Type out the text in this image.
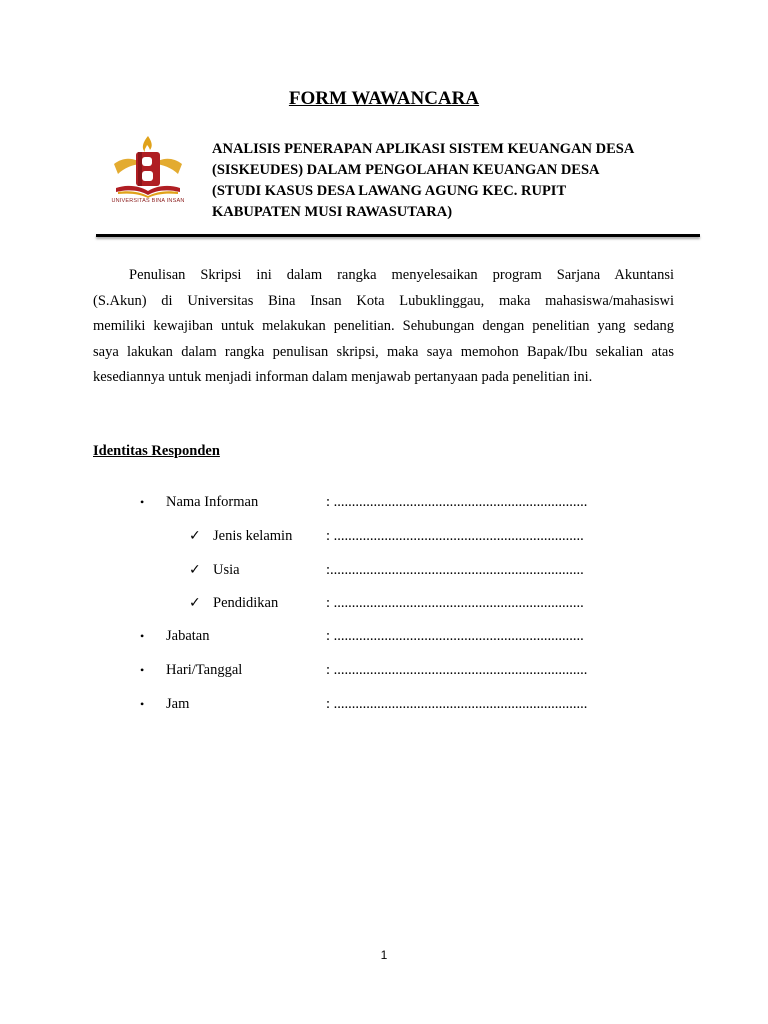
FORM WAWANCARA
UNIVERSITAS BINA INSAN
ANALISIS PENERAPAN APLIKASI SISTEM KEUANGAN DESA
(SISKEUDES) DALAM PENGOLAHAN KEUANGAN DESA
(STUDI KASUS DESA LAWANG AGUNG KEC. RUPIT
KABUPATEN MUSI RAWASUTARA)
Penulisan Skripsi ini dalam rangka menyelesaikan program Sarjana Akuntansi
(S.Akun) di Universitas Bina Insan Kota Lubuklinggau, maka mahasiswa/mahasiswi
memiliki kewajiban untuk melakukan penelitian. Sehubungan dengan penelitian yang sedang
saya lakukan dalam rangka penulisan skripsi, maka saya memohon Bapak/Ibu sekalian atas
kesediannya untuk menjadi informan dalam menjawab pertanyaan pada penelitian ini.
Identitas Responden
• Nama Informan	: ......................................................................
✓ Jenis kelamin : .....................................................................
✓ Usia	:......................................................................
✓ Pendidikan	: .....................................................................
• Jabatan	: .....................................................................
• Hari/Tanggal	: ......................................................................
• Jam	: ......................................................................
1
